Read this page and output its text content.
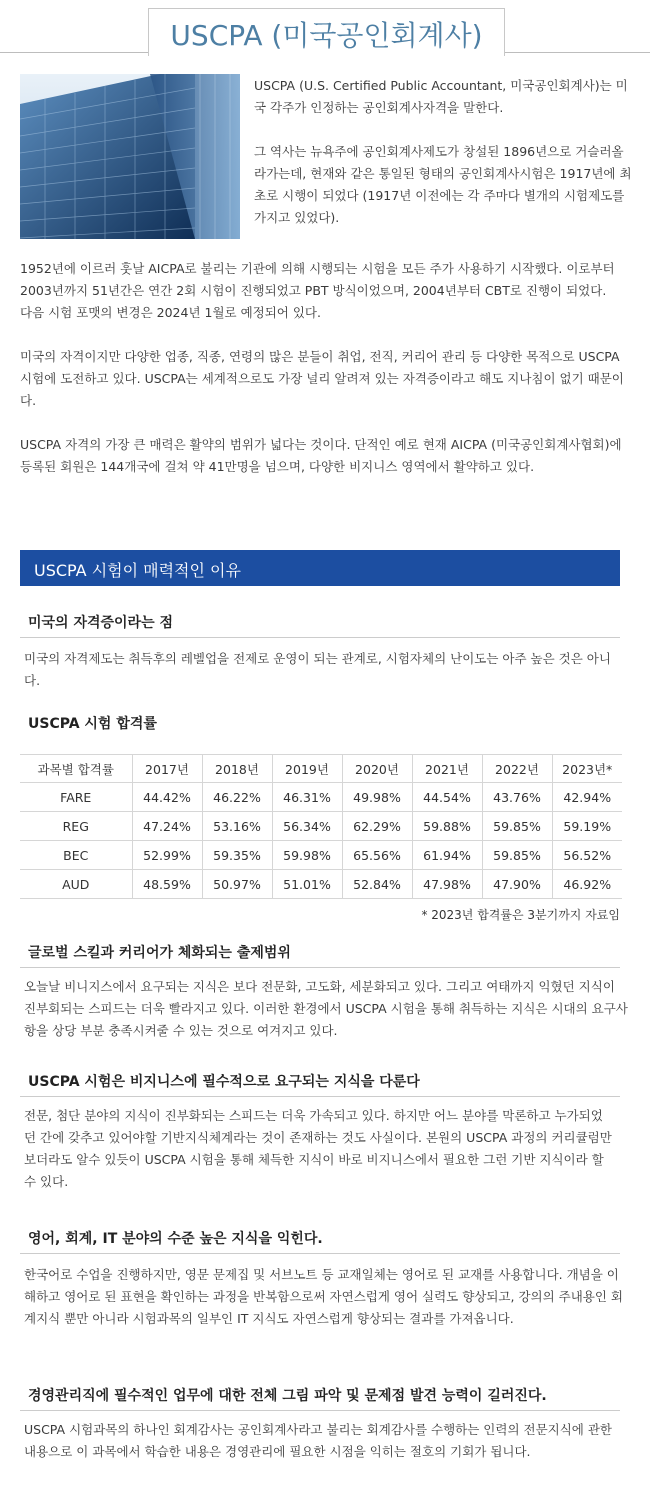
USCPA (미국공인회계사)
USCPA (U.S. Certified Public Accountant, 미국공인회계사)는 미국 각주가 인정하는 공인회계사자격을 말한다.
그 역사는 뉴욕주에 공인회계사제도가 창설된 1896년으로 거슬러올라가는데, 현재와 같은 통일된 형태의 공인회계사시험은 1917년에 최초로 시행이 되었다 (1917년 이전에는 각 주마다 별개의 시험제도를 가지고 있었다).
1952년에 이르러 훗날 AICPA로 불리는 기관에 의해 시행되는 시험을 모든 주가 사용하기 시작했다. 이로부터 2003년까지 51년간은 연간 2회 시험이 진행되었고 PBT 방식이었으며, 2004년부터 CBT로 진행이 되었다. 다음 시험 포맷의 변경은 2024년 1월로 예정되어 있다.
미국의 자격이지만 다양한 업종, 직종, 연령의 많은 분들이 취업, 전직, 커리어 관리 등 다양한 목적으로 USCPA 시험에 도전하고 있다. USCPA는 세계적으로도 가장 널리 알려져 있는 자격증이라고 해도 지나침이 없기 때문이다.
USCPA 자격의 가장 큰 매력은 활약의 범위가 넓다는 것이다. 단적인 예로 현재 AICPA (미국공인회계사협회)에 등록된 회원은 144개국에 걸쳐 약 41만명을 넘으며, 다양한 비지니스 영역에서 활약하고 있다.
USCPA 시험이 매력적인 이유
미국의 자격증이라는 점
미국의 자격제도는 취득후의 레벨업을 전제로 운영이 되는 관계로, 시험자체의 난이도는 아주 높은 것은 아니다.
USCPA 시험 합격률
과목별 합격률	2017년	2018년	2019년	2020년	2021년	2022년	2023년*
FARE	44.42%	46.22%	46.31%	49.98%	44.54%	43.76%	42.94%
REG	47.24%	53.16%	56.34%	62.29%	59.88%	59.85%	59.19%
BEC	52.99%	59.35%	59.98%	65.56%	61.94%	59.85%	56.52%
AUD	48.59%	50.97%	51.01%	52.84%	47.98%	47.90%	46.92%
* 2023년 합격률은 3분기까지 자료임
글로벌 스킬과 커리어가 체화되는 출제범위
오늘날 비니지스에서 요구되는 지식은 보다 전문화, 고도화, 세분화되고 있다. 그리고 여태까지 익혔던 지식이 진부회되는 스피드는 더욱 빨라지고 있다. 이러한 환경에서 USCPA 시험을 통해 취득하는 지식은 시대의 요구사항을 상당 부분 충족시켜줄 수 있는 것으로 여겨지고 있다.
USCPA 시험은 비지니스에 필수적으로 요구되는 지식을 다룬다
전문, 첨단 분야의 지식이 진부화되는 스피드는 더욱 가속되고 있다. 하지만 어느 분야를 막론하고 누가되었던 간에 갖추고 있어야할 기반지식체계라는 것이 존재하는 것도 사실이다. 본원의 USCPA 과정의 커리큘럼만 보더라도 알수 있듯이 USCPA 시험을 통해 체득한 지식이 바로 비지니스에서 필요한 그런 기반 지식이라 할 수 있다.
영어, 회계, IT 분야의 수준 높은 지식을 익힌다.
한국어로 수업을 진행하지만, 영문 문제집 및 서브노트 등 교재일체는 영어로 된 교재를 사용합니다. 개념을 이해하고 영어로 된 표현을 확인하는 과정을 반복함으로써 자연스럽게 영어 실력도 향상되고, 강의의 주내용인 회계지식 뿐만 아니라 시험과목의 일부인 IT 지식도 자연스럽게 향상되는 결과를 가져옵니다.
경영관리직에 필수적인 업무에 대한 전체 그림 파악 및 문제점 발견 능력이 길러진다.
USCPA 시험과목의 하나인 회계감사는 공인회계사라고 불리는 회계감사를 수행하는 인력의 전문지식에 관한 내용으로 이 과목에서 학습한 내용은 경영관리에 필요한 시점을 익히는 절호의 기회가 됩니다.
